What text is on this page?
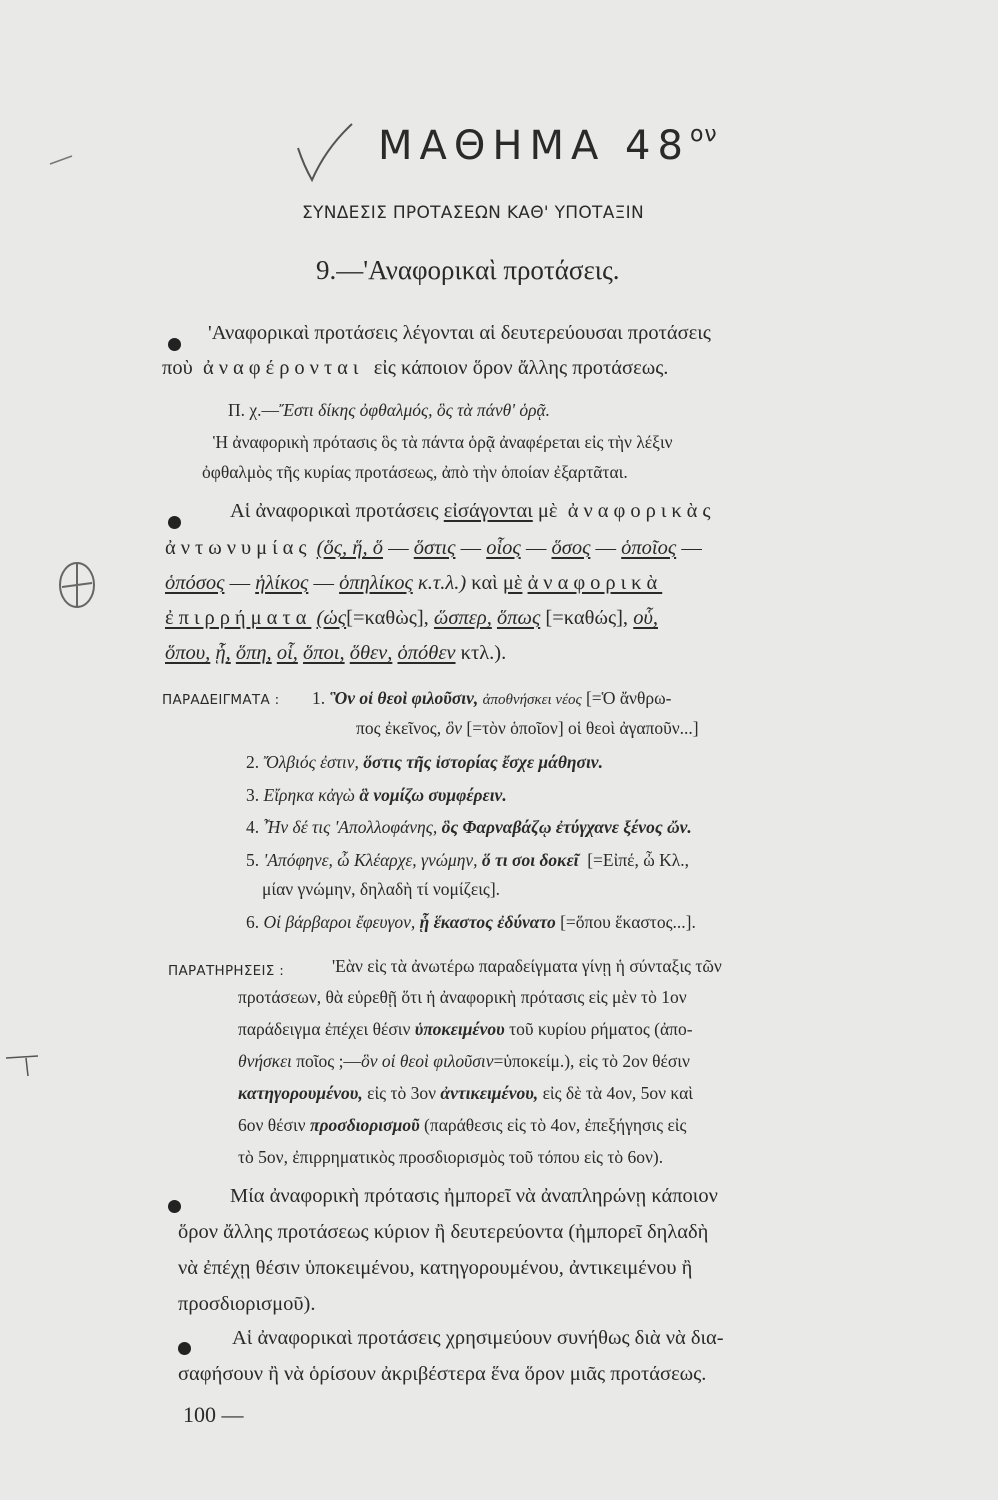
ΜΑΘΗΜΑ $48^{o\nu}$
ΣΥΝΔΕΣΙΣ ΠΡΟΤΑΣΕΩΝ ΚΑΘ' ΥΠΟΤΑΞΙΝ
9.—'Αναφορικαὶ προτάσεις.
'Αναφορικαὶ προτάσεις λέγονται αἱ δευτερεύουσαι προτάσεις
ποὺ ἀναφέρονται εἰς κάποιον ὅρον ἄλλης προτάσεως.
Π. χ.—Ἔστι δίκης ὀφθαλμός, ὃς τὰ πάνθ' ὁρᾷ.
Ἡ ἀναφορικὴ πρότασις ὃς τὰ πάντα ὁρᾷ ἀναφέρεται εἰς τὴν λέξιν
ὀφθαλμὸς τῆς κυρίας προτάσεως, ἀπὸ τὴν ὁποίαν ἐξαρτᾶται.
Αἱ ἀναφορικαὶ προτάσεις εἰσάγονται μὲ ἀναφορικὰς
ἀντωνυμίας (ὅς, ἥ, ὅ — ὅστις — οἷος — ὅσος — ὁποῖος —
ὁπόσος — ἡλίκος — ὁπηλίκος κ.τ.λ.) καὶ μὲ ἀναφορικὰ
ἐπιρρήματα (ὡς[=καθὼς], ὥσπερ, ὅπως [=καθώς], οὗ,
ὅπου, ᾗ, ὅπη, οἷ, ὅποι, ὅθεν, ὁπόθεν κτλ.).
ΠΑΡΑΔΕΙΓΜΑΤΑ : 1. Ὃν οἱ θεοὶ φιλοῦσιν, ἀποθνήσκει νέος [=Ὁ ἄνθρω-
πος ἐκεῖνος, ὃν [=τὸν ὁποῖον] οἱ θεοὶ ἀγαποῦν...]
2. Ὄλβιός ἐστιν, ὅστις τῆς ἱστορίας ἔσχε μάθησιν.
3. Εἴρηκα κἀγὼ ἃ νομίζω συμφέρειν.
4. Ἦν δέ τις 'Απολλοφάνης, ὃς Φαρναβάζῳ ἐτύγχανε ξένος ὤν.
5. 'Απόφηνε, ὦ Κλέαρχε, γνώμην, ὅ τι σοι δοκεῖ [=Εἰπέ, ὦ Κλ.,
μίαν γνώμην, δηλαδὴ τί νομίζεις].
6. Οἱ βάρβαροι ἔφευγον, ᾗ ἕκαστος ἐδύνατο [=ὅπου ἕκαστος...].
ΠΑΡΑΤΗΡΗΣΕΙΣ :	'Εὰν εἰς τὰ ἀνωτέρω παραδείγματα γίνῃ ἡ σύνταξις τῶν
προτάσεων, θὰ εὑρεθῇ ὅτι ἡ ἀναφορικὴ πρότασις εἰς μὲν τὸ 1ον
παράδειγμα ἐπέχει θέσιν ὑποκειμένου τοῦ κυρίου ρήματος (ἀπο-
θνήσκει ποῖος ;—ὃν οἱ θεοὶ φιλοῦσιν=ὑποκείμ.), εἰς τὸ 2ον θέσιν
κατηγορουμένου, εἰς τὸ 3ον ἀντικειμένου, εἰς δὲ τὰ 4ον, 5ον καὶ
6ον θέσιν προσδιορισμοῦ (παράθεσις εἰς τὸ 4ον, ἐπεξήγησις εἰς
τὸ 5ον, ἐπιρρηματικὸς προσδιορισμὸς τοῦ τόπου εἰς τὸ 6ον).
Μία ἀναφορικὴ πρότασις ἠμπορεῖ νὰ ἀναπληρώνῃ κάποιον
ὅρον ἄλλης προτάσεως κύριον ἢ δευτερεύοντα (ἠμπορεῖ δηλαδὴ
νὰ ἐπέχῃ θέσιν ὑποκειμένου, κατηγορουμένου, ἀντικειμένου ἢ
προσδιορισμοῦ).
Αἱ ἀναφορικαὶ προτάσεις χρησιμεύουν συνήθως διὰ νὰ δια-
σαφήσουν ἢ νὰ ὁρίσουν ἀκριβέστερα ἕνα ὅρον μιᾶς προτάσεως.
100 —
